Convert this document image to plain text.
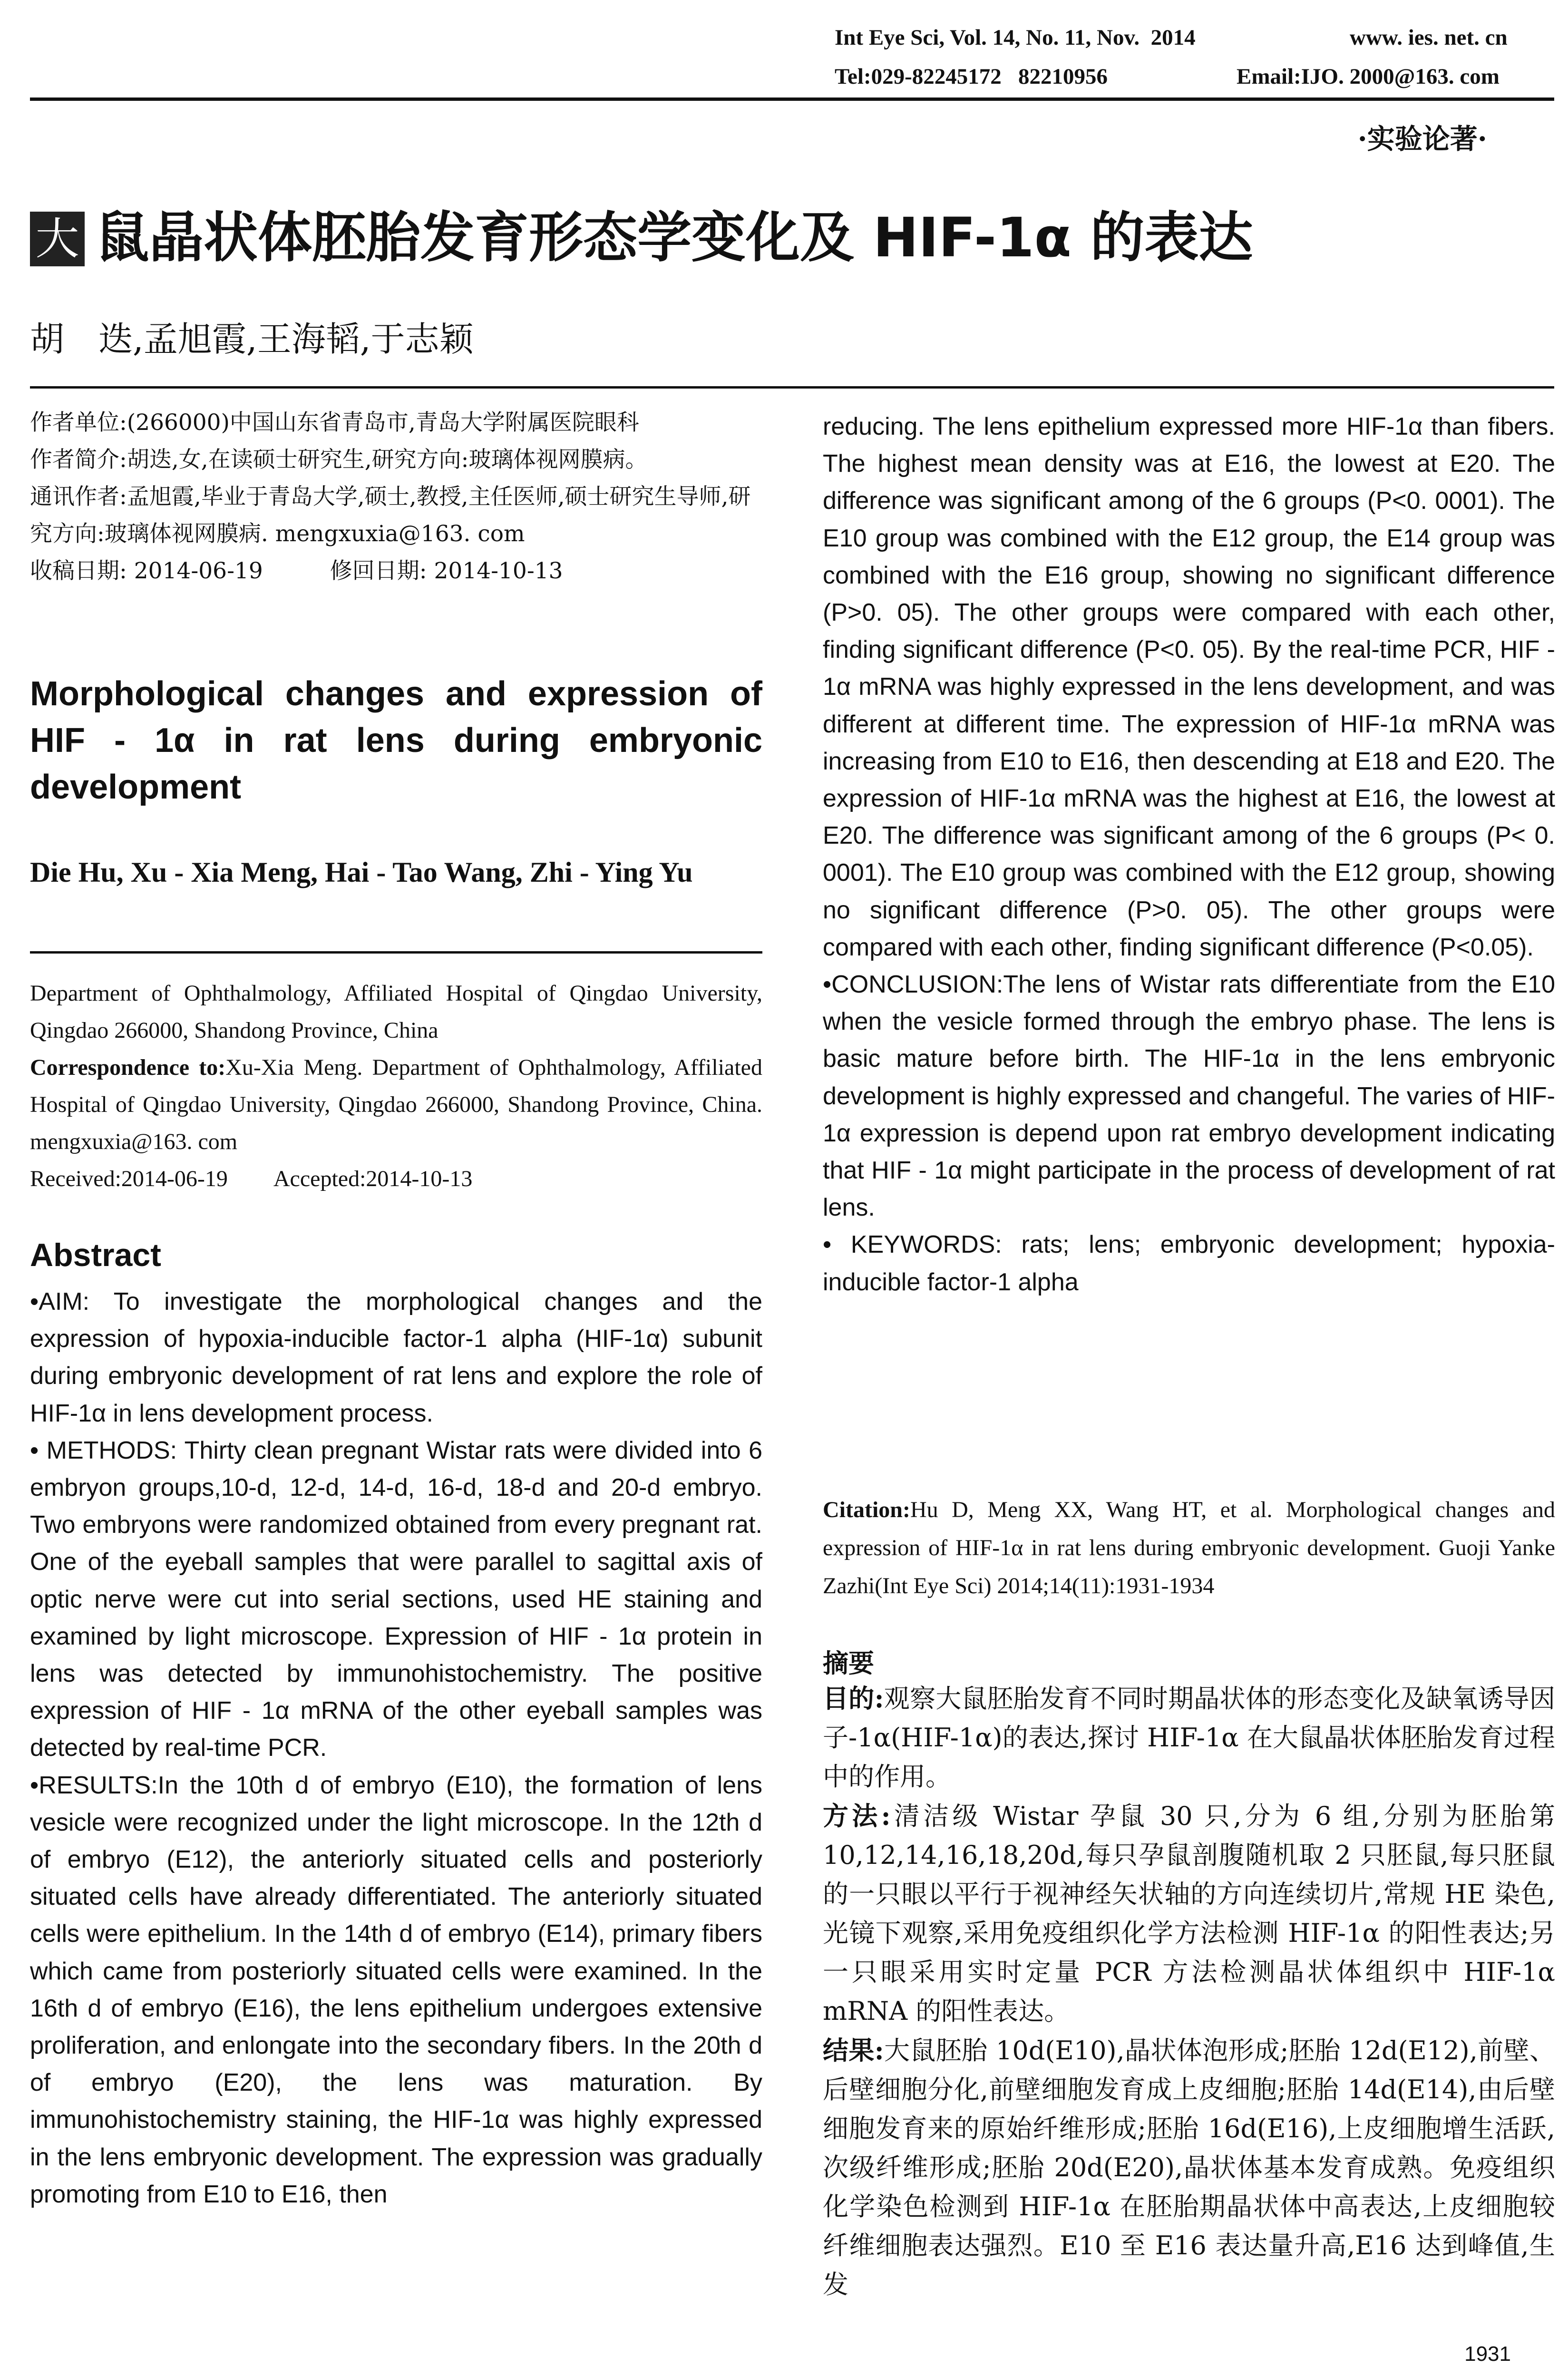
Int Eye Sci, Vol. 14, No. 11, Nov.  2014	www. ies. net. cn
Tel:029-82245172   82210956	Email:IJO. 2000@163. com
·实验论著·
大 鼠晶状体胚胎发育形态学变化及 HIF-1α 的表达
胡　迭,孟旭霞,王海韬,于志颖

作者单位:(266000)中国山东省青岛市,青岛大学附属医院眼科

作者简介:胡迭,女,在读硕士研究生,研究方向:玻璃体视网膜病。

通讯作者:孟旭霞,毕业于青岛大学,硕士,教授,主任医师,硕士研究生导师,研究方向:玻璃体视网膜病. mengxuxia@163. com

收稿日期: 2014-06-19　　　修回日期: 2014-10-13

Morphological changes and expression of HIF - 1α in rat lens during embryonic development
Die Hu, Xu - Xia Meng, Hai - Tao Wang, Zhi - Ying Yu

Department of Ophthalmology, Affiliated Hospital of Qingdao University, Qingdao 266000, Shandong Province, China

Correspondence to:Xu-Xia Meng. Department of Ophthalmology, Affiliated Hospital of Qingdao University, Qingdao 266000, Shandong Province, China. mengxuxia@163. com

Received:2014-06-19　　Accepted:2014-10-13

Abstract

•AIM: To investigate the morphological changes and the expression of hypoxia-inducible factor-1 alpha (HIF-1α) subunit during embryonic development of rat lens and explore the role of HIF-1α in lens development process.

• METHODS: Thirty clean pregnant Wistar rats were divided into 6 embryon groups,10-d, 12-d, 14-d, 16-d, 18-d and 20-d embryo. Two embryons were randomized obtained from every pregnant rat. One of the eyeball samples that were parallel to sagittal axis of optic nerve were cut into serial sections, used HE staining and examined by light microscope. Expression of HIF - 1α protein in lens was detected by immunohistochemistry. The positive expression of HIF - 1α mRNA of the other eyeball samples was detected by real-time PCR.

•RESULTS:In the 10th d of embryo (E10), the formation of lens vesicle were recognized under the light microscope. In the 12th d of embryo (E12), the anteriorly situated cells and posteriorly situated cells have already differentiated. The anteriorly situated cells were epithelium. In the 14th d of embryo (E14), primary fibers which came from posteriorly situated cells were examined. In the 16th d of embryo (E16), the lens epithelium undergoes extensive proliferation, and enlongate into the secondary fibers. In the 20th d of embryo (E20), the lens was maturation. By immunohistochemistry staining, the HIF-1α was highly expressed in the lens embryonic development. The expression was gradually promoting from E10 to E16, then

reducing. The lens epithelium expressed more HIF-1α than fibers. The highest mean density was at E16, the lowest at E20. The difference was significant among of the 6 groups (P<0. 0001). The E10 group was combined with the E12 group, the E14 group was combined with the E16 group, showing no significant difference (P>0. 05). The other groups were compared with each other, finding significant difference (P<0. 05). By the real-time PCR, HIF - 1α mRNA was highly expressed in the lens development, and was different at different time. The expression of HIF-1α mRNA was increasing from E10 to E16, then descending at E18 and E20. The expression of HIF-1α mRNA was the highest at E16, the lowest at E20. The difference was significant among of the 6 groups (P< 0. 0001). The E10 group was combined with the E12 group, showing no significant difference (P>0. 05). The other groups were compared with each other, finding significant difference (P<0.05).

•CONCLUSION:The lens of Wistar rats differentiate from the E10 when the vesicle formed through the embryo phase. The lens is basic mature before birth. The HIF-1α in the lens embryonic development is highly expressed and changeful. The varies of HIF-1α expression is depend upon rat embryo development indicating that HIF - 1α might participate in the process of development of rat lens.

• KEYWORDS: rats; lens; embryonic development; hypoxia-inducible factor-1 alpha

Citation:Hu D, Meng XX, Wang HT, et al. Morphological changes and expression of HIF-1α in rat lens during embryonic development. Guoji Yanke Zazhi(Int Eye Sci) 2014;14(11):1931-1934

摘要

目的:观察大鼠胚胎发育不同时期晶状体的形态变化及缺氧诱导因子-1α(HIF-1α)的表达,探讨 HIF-1α 在大鼠晶状体胚胎发育过程中的作用。

方法:清洁级 Wistar 孕鼠 30 只,分为 6 组,分别为胚胎第 10,12,14,16,18,20d,每只孕鼠剖腹随机取 2 只胚鼠,每只胚鼠的一只眼以平行于视神经矢状轴的方向连续切片,常规 HE 染色,光镜下观察,采用免疫组织化学方法检测 HIF-1α 的阳性表达;另一只眼采用实时定量 PCR 方法检测晶状体组织中 HIF-1α mRNA 的阳性表达。

结果:大鼠胚胎 10d(E10),晶状体泡形成;胚胎 12d(E12),前壁、后壁细胞分化,前壁细胞发育成上皮细胞;胚胎 14d(E14),由后壁细胞发育来的原始纤维形成;胚胎 16d(E16),上皮细胞增生活跃,次级纤维形成;胚胎 20d(E20),晶状体基本发育成熟。免疫组织化学染色检测到 HIF-1α 在胚胎期晶状体中高表达,上皮细胞较纤维细胞表达强烈。E10 至 E16 表达量升高,E16 达到峰值,生发

1931
